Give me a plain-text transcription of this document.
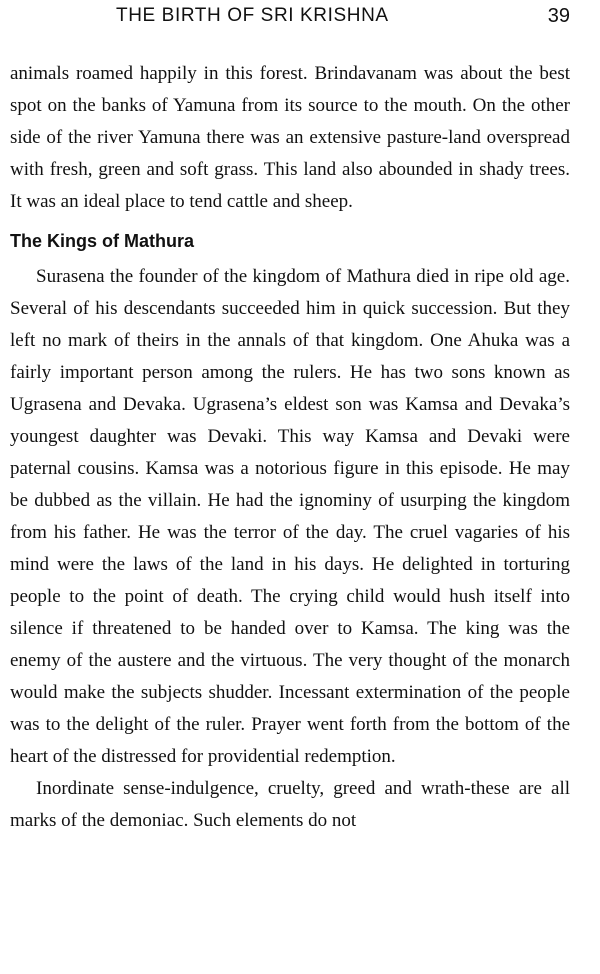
THE BIRTH OF SRI KRISHNA	39

animals roamed happily in this forest. Brindavanam was about the best spot on the banks of Yamuna from its source to the mouth. On the other side of the river Yamuna there was an extensive pasture-land overspread with fresh, green and soft grass. This land also abounded in shady trees. It was an ideal place to tend cattle and sheep.

The Kings of Mathura

Surasena the founder of the kingdom of Mathura died in ripe old age. Several of his descendants succeeded him in quick succession. But they left no mark of theirs in the annals of that kingdom. One Ahuka was a fairly important person among the rulers. He has two sons known as Ugrasena and Devaka. Ugrasena’s eldest son was Kamsa and Devaka’s youngest daughter was Devaki. This way Kamsa and Devaki were paternal cousins. Kamsa was a notorious figure in this episode. He may be dubbed as the villain. He had the ignominy of usurping the kingdom from his father. He was the terror of the day. The cruel vagaries of his mind were the laws of the land in his days. He delighted in torturing people to the point of death. The crying child would hush itself into silence if threatened to be handed over to Kamsa. The king was the enemy of the austere and the virtuous. The very thought of the monarch would make the subjects shudder. Incessant extermination of the people was to the delight of the ruler. Prayer went forth from the bottom of the heart of the distressed for providential redemption.

Inordinate sense-indulgence, cruelty, greed and wrath-these are all marks of the demoniac. Such elements do not
